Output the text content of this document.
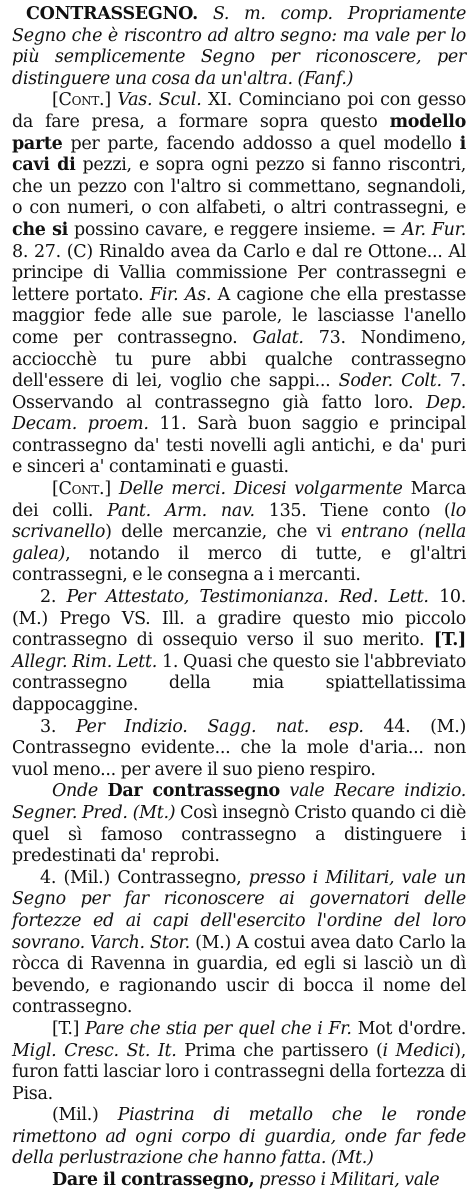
CONTRASSEGNO. S. m. comp. Propriamente Segno che è riscontro ad altro segno: ma vale per lo più semplicemente Segno per riconoscere, per distinguere una cosa da un'altra. (Fanf.)

[Cont.] Vas. Scul. XI. Cominciano poi con gesso da fare presa, a formare sopra questo modello parte per parte, facendo addosso a quel modello i cavi di pezzi, e sopra ogni pezzo si fanno riscontri, che un pezzo con l'altro si commettano, segnandoli, o con numeri, o con alfabeti, o altri contrassegni, e che si possino cavare, e reggere insieme. = Ar. Fur. 8. 27. (C) Rinaldo avea da Carlo e dal re Ottone... Al principe di Vallia commissione Per contrassegni e lettere portato. Fir. As. A cagione che ella prestasse maggior fede alle sue parole, le lasciasse l'anello come per contrassegno. Galat. 73. Nondimeno, acciocchè tu pure abbi qualche contrassegno dell'essere di lei, voglio che sappi... Soder. Colt. 7. Osservando al contrassegno già fatto loro. Dep. Decam. proem. 11. Sarà buon saggio e principal contrassegno da' testi novelli agli antichi, e da' puri e sinceri a' contaminati e guasti.

[Cont.] Delle merci. Dicesi volgarmente Marca dei colli. Pant. Arm. nav. 135. Tiene conto (lo scrivanello) delle mercanzie, che vi entrano (nella galea), notando il merco di tutte, e gl'altri contrassegni, e le consegna a i mercanti.

2. Per Attestato, Testimonianza. Red. Lett. 10. (M.) Prego VS. Ill. a gradire questo mio piccolo contrassegno di ossequio verso il suo merito. [T.] Allegr. Rim. Lett. 1. Quasi che questo sie l'abbreviato contrassegno della mia spiattellatissima dappocaggine.

3. Per Indizio. Sagg. nat. esp. 44. (M.) Contrassegno evidente... che la mole d'aria... non vuol meno... per avere il suo pieno respiro.

Onde Dar contrassegno vale Recare indizio. Segner. Pred. (Mt.) Così insegnò Cristo quando ci diè quel sì famoso contrassegno a distinguere i predestinati da' reprobi.

4. (Mil.) Contrassegno, presso i Militari, vale un Segno per far riconoscere ai governatori delle fortezze ed ai capi dell'esercito l'ordine del loro sovrano. Varch. Stor. (M.) A costui avea dato Carlo la ròcca di Ravenna in guardia, ed egli si lasciò un dì bevendo, e ragionando uscir di bocca il nome del contrassegno.

[T.] Pare che stia per quel che i Fr. Mot d'ordre. Migl. Cresc. St. It. Prima che partissero (i Medici), furon fatti lasciar loro i contrassegni della fortezza di Pisa.

(Mil.) Piastrina di metallo che le ronde rimettono ad ogni corpo di guardia, onde far fede della perlustrazione che hanno fatta. (Mt.)

Dare il contrassegno, presso i Militari, vale
